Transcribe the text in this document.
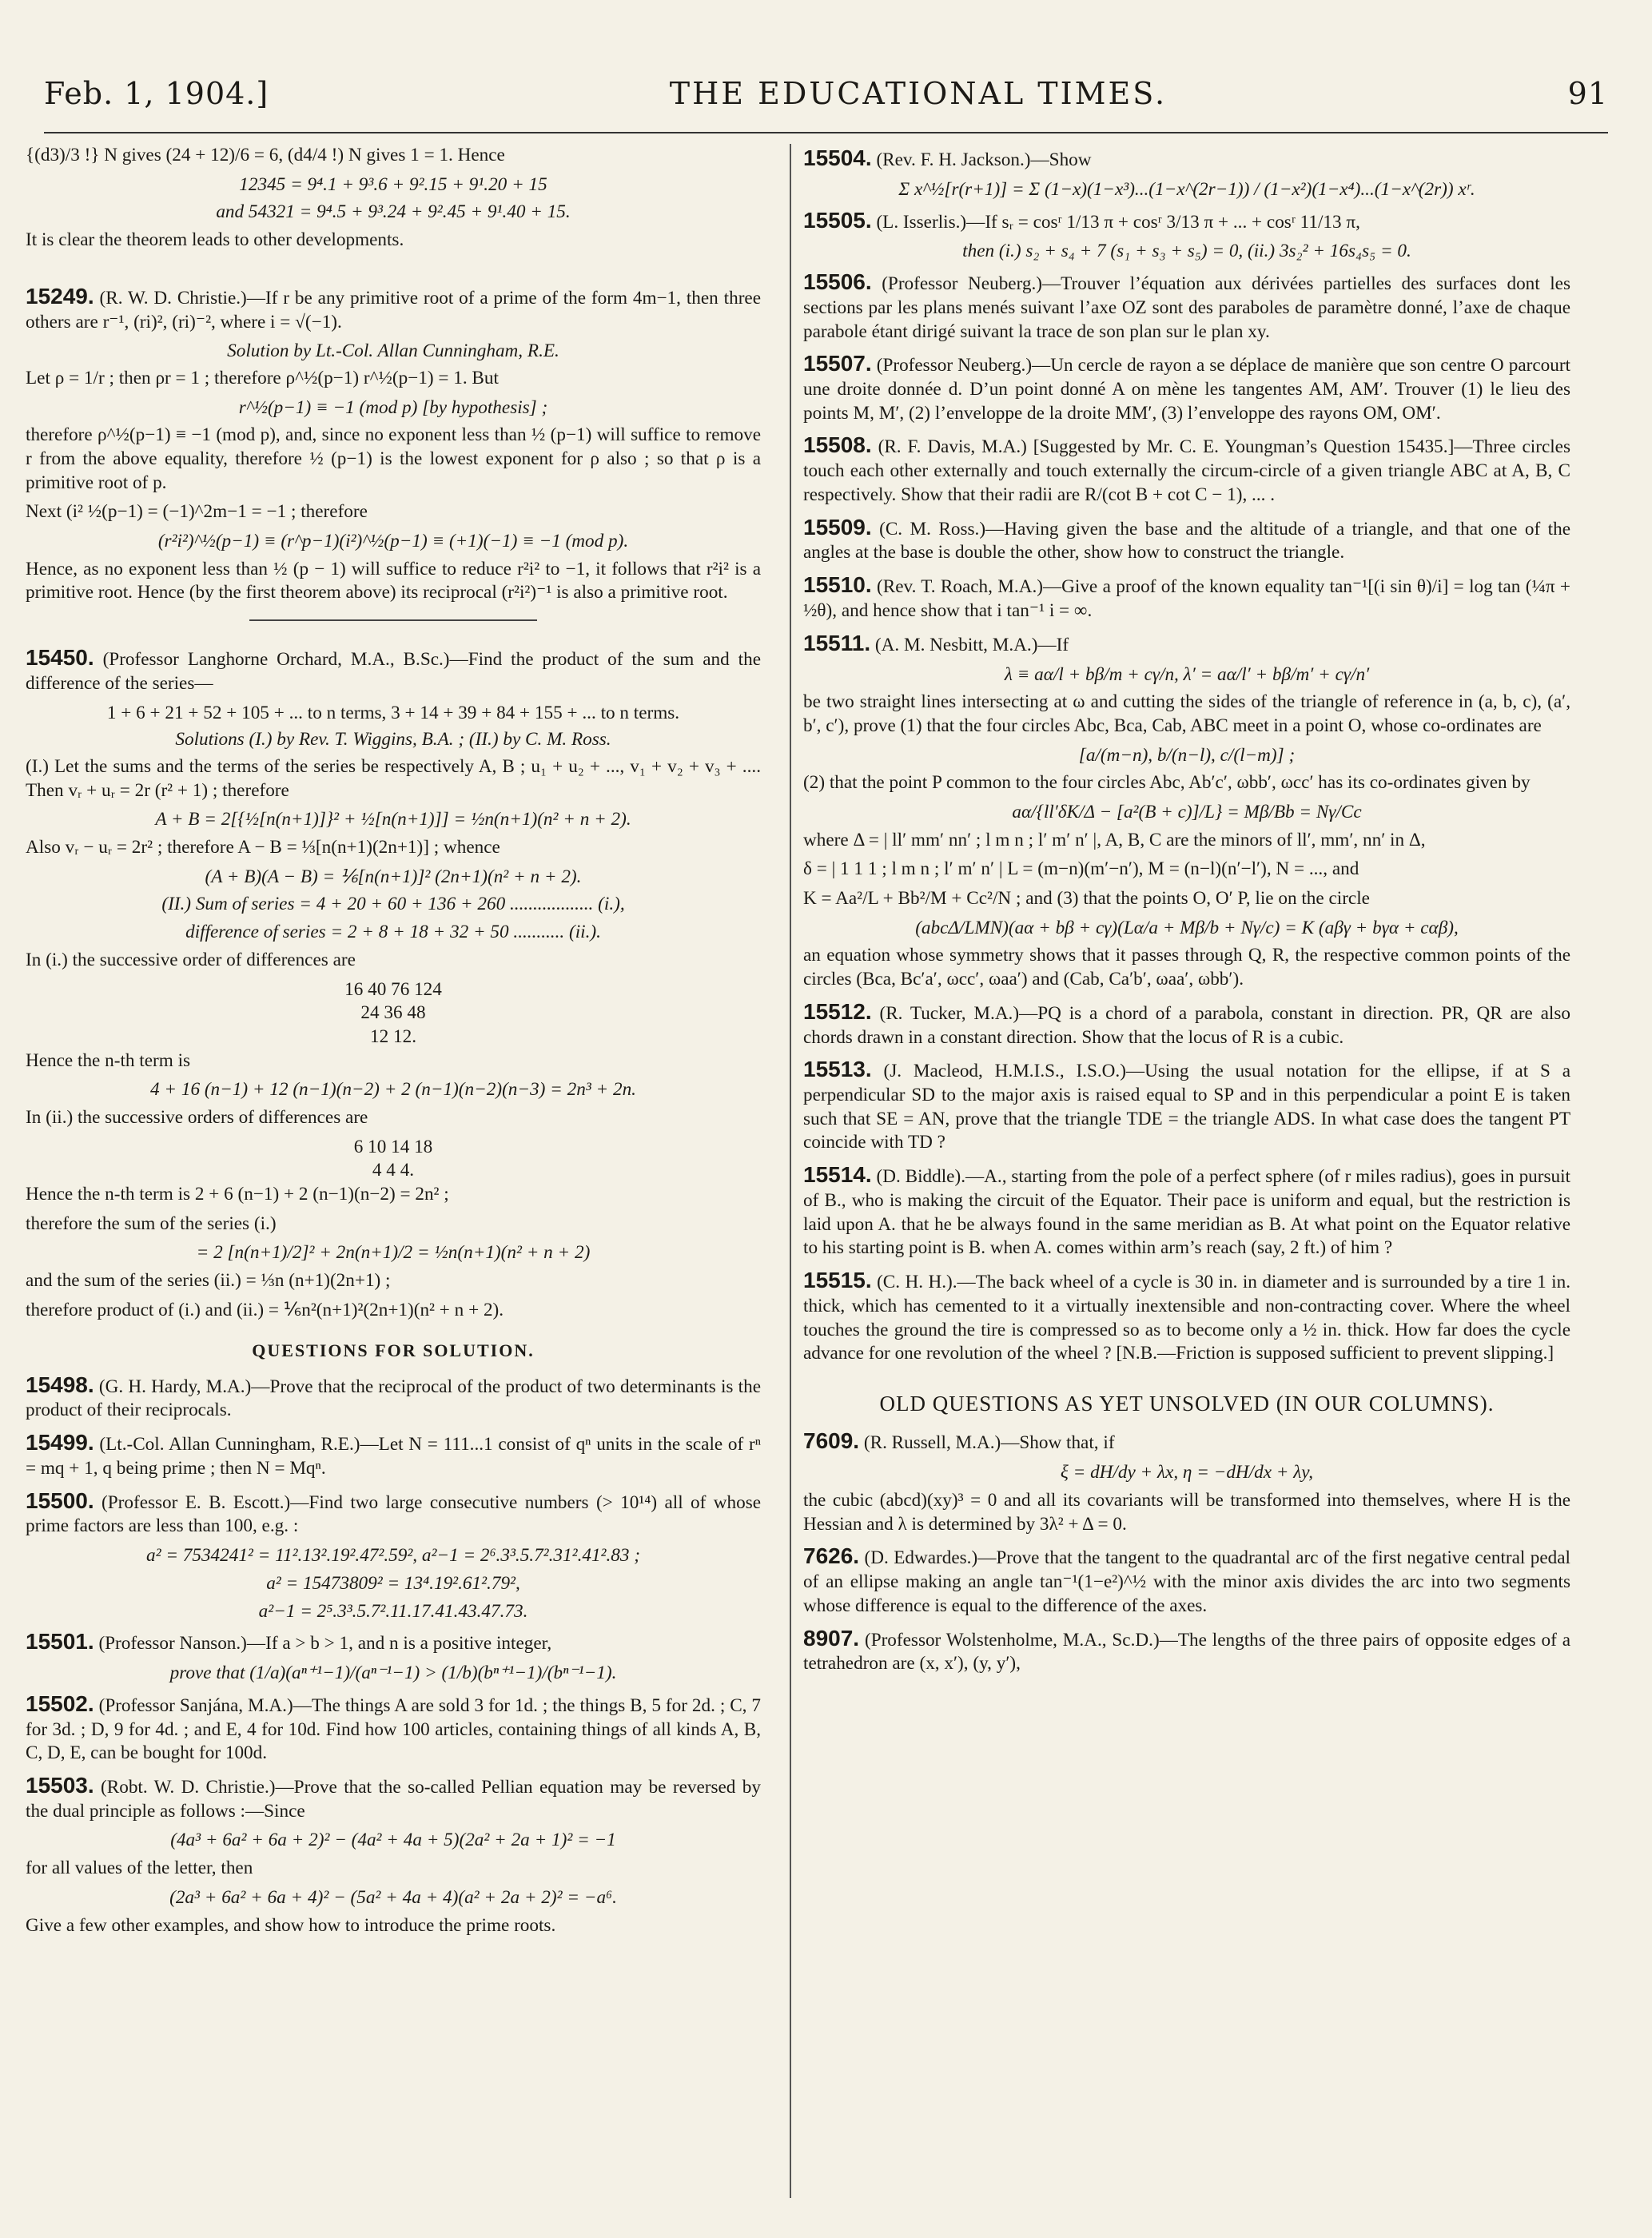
Feb. 1, 1904.]	THE EDUCATIONAL TIMES.	91

{(d3)/3 !} N gives (24 + 12)/6 = 6, (d4/4 !) N gives 1 = 1. Hence

12345 = 9⁴.1 + 9³.6 + 9².15 + 9¹.20 + 15
and 54321 = 9⁴.5 + 9³.24 + 9².45 + 9¹.40 + 15.

It is clear the theorem leads to other developments.

15249. (R. W. D. Christie.)—If r be any primitive root of a prime of the form 4m−1, then three others are r⁻¹, (ri)², (ri)⁻², where i = √(−1).

Solution by Lt.-Col. Allan Cunningham, R.E.

Let ρ = 1/r ; then ρr = 1 ; therefore ρ^½(p−1) r^½(p−1) = 1. But

r^½(p−1) ≡ −1 (mod p) [by hypothesis] ;

therefore ρ^½(p−1) ≡ −1 (mod p), and, since no exponent less than ½ (p−1) will suffice to remove r from the above equality, therefore ½ (p−1) is the lowest exponent for ρ also ; so that ρ is a primitive root of p.

Next (i² ½(p−1) = (−1)^2m−1 = −1 ; therefore

(r²i²)^½(p−1) ≡ (r^p−1)(i²)^½(p−1) ≡ (+1)(−1) ≡ −1 (mod p).

Hence, as no exponent less than ½ (p − 1) will suffice to reduce r²i² to −1, it follows that r²i² is a primitive root. Hence (by the first theorem above) its reciprocal (r²i²)⁻¹ is also a primitive root.

15450. (Professor Langhorne Orchard, M.A., B.Sc.)—Find the product of the sum and the difference of the series—

1 + 6 + 21 + 52 + 105 + ... to n terms, 3 + 14 + 39 + 84 + 155 + ... to n terms.
Solutions (I.) by Rev. T. Wiggins, B.A. ; (II.) by C. M. Ross.

(I.) Let the sums and the terms of the series be respectively A, B ; u₁ + u₂ + ..., v₁ + v₂ + v₃ + .... Then vᵣ + uᵣ = 2r (r² + 1) ; therefore

A + B = 2[{½[n(n+1)]}² + ½[n(n+1)]] = ½n(n+1)(n² + n + 2).

Also vᵣ − uᵣ = 2r² ; therefore A − B = ⅓[n(n+1)(2n+1)] ; whence

(A + B)(A − B) = ⅙[n(n+1)]² (2n+1)(n² + n + 2).
(II.) Sum of series = 4 + 20 + 60 + 136 + 260 .................. (i.),
difference of series = 2 + 8 + 18 + 32 + 50 ........... (ii.).

In (i.) the successive order of differences are

16 40 76 124
24 36 48
12 12.

Hence the n-th term is

4 + 16 (n−1) + 12 (n−1)(n−2) + 2 (n−1)(n−2)(n−3) = 2n³ + 2n.

In (ii.) the successive orders of differences are

6 10 14 18
4 4 4.

Hence the n-th term is 2 + 6 (n−1) + 2 (n−1)(n−2) = 2n² ;

therefore the sum of the series (i.)

= 2 [n(n+1)/2]² + 2n(n+1)/2 = ½n(n+1)(n² + n + 2)

and the sum of the series (ii.) = ⅓n (n+1)(2n+1) ;

therefore product of (i.) and (ii.) = ⅙n²(n+1)²(2n+1)(n² + n + 2).

QUESTIONS FOR SOLUTION.

15498. (G. H. Hardy, M.A.)—Prove that the reciprocal of the product of two determinants is the product of their reciprocals.

15499. (Lt.-Col. Allan Cunningham, R.E.)—Let N = 111...1 consist of qⁿ units in the scale of rⁿ = mq + 1, q being prime ; then N = Mqⁿ.

15500. (Professor E. B. Escott.)—Find two large consecutive numbers (> 10¹⁴) all of whose prime factors are less than 100, e.g. :

a² = 7534241² = 11².13².19².47².59², a²−1 = 2⁶.3³.5.7².31².41².83 ;
a² = 15473809² = 13⁴.19².61².79²,
a²−1 = 2⁵.3³.5.7².11.17.41.43.47.73.

15501. (Professor Nanson.)—If a > b > 1, and n is a positive integer,

prove that (1/a)(aⁿ⁺¹−1)/(aⁿ⁻¹−1) > (1/b)(bⁿ⁺¹−1)/(bⁿ⁻¹−1).

15502. (Professor Sanjána, M.A.)—The things A are sold 3 for 1d. ; the things B, 5 for 2d. ; C, 7 for 3d. ; D, 9 for 4d. ; and E, 4 for 10d. Find how 100 articles, containing things of all kinds A, B, C, D, E, can be bought for 100d.

15503. (Robt. W. D. Christie.)—Prove that the so-called Pellian equation may be reversed by the dual principle as follows :—Since

(4a³ + 6a² + 6a + 2)² − (4a² + 4a + 5)(2a² + 2a + 1)² = −1

for all values of the letter, then

(2a³ + 6a² + 6a + 4)² − (5a² + 4a + 4)(a² + 2a + 2)² = −a⁶.

Give a few other examples, and show how to introduce the prime roots.

15504. (Rev. F. H. Jackson.)—Show

Σ x^½[r(r+1)] = Σ (1−x)(1−x³)...(1−x^(2r−1)) / (1−x²)(1−x⁴)...(1−x^(2r)) xʳ.

15505. (L. Isserlis.)—If sᵣ = cosʳ 1/13 π + cosʳ 3/13 π + ... + cosʳ 11/13 π,

then (i.) s₂ + s₄ + 7 (s₁ + s₃ + s₅) = 0, (ii.) 3s₂² + 16s₄s₅ = 0.

15506. (Professor Neuberg.)—Trouver l’équation aux dérivées partielles des surfaces dont les sections par les plans menés suivant l’axe OZ sont des paraboles de paramètre donné, l’axe de chaque parabole étant dirigé suivant la trace de son plan sur le plan xy.

15507. (Professor Neuberg.)—Un cercle de rayon a se déplace de manière que son centre O parcourt une droite donnée d. D’un point donné A on mène les tangentes AM, AM′. Trouver (1) le lieu des points M, M′, (2) l’enveloppe de la droite MM′, (3) l’enveloppe des rayons OM, OM′.

15508. (R. F. Davis, M.A.) [Suggested by Mr. C. E. Youngman’s Question 15435.]—Three circles touch each other externally and touch externally the circum-circle of a given triangle ABC at A, B, C respectively. Show that their radii are R/(cot B + cot C − 1), ... .

15509. (C. M. Ross.)—Having given the base and the altitude of a triangle, and that one of the angles at the base is double the other, show how to construct the triangle.

15510. (Rev. T. Roach, M.A.)—Give a proof of the known equality tan⁻¹[(i sin θ)/i] = log tan (¼π + ½θ), and hence show that i tan⁻¹ i = ∞.

15511. (A. M. Nesbitt, M.A.)—If

λ ≡ aα/l + bβ/m + cγ/n, λ′ = aα/l′ + bβ/m′ + cγ/n′

be two straight lines intersecting at ω and cutting the sides of the triangle of reference in (a, b, c), (a′, b′, c′), prove (1) that the four circles Abc, Bca, Cab, ABC meet in a point O, whose co-ordinates are

[a/(m−n), b/(n−l), c/(l−m)] ;

(2) that the point P common to the four circles Abc, Ab′c′, ωbb′, ωcc′ has its co-ordinates given by

aα/{ll′δK/Δ − [a²(B + c)]/L} = Mβ/Bb = Nγ/Cc

where Δ = | ll′ mm′ nn′ ; l m n ; l′ m′ n′ |, A, B, C are the minors of ll′, mm′, nn′ in Δ,

δ = | 1 1 1 ; l m n ; l′ m′ n′ | L = (m−n)(m′−n′), M = (n−l)(n′−l′), N = ..., and

K = Aa²/L + Bb²/M + Cc²/N ; and (3) that the points O, O′ P, lie on the circle

(abcΔ/LMN)(aα + bβ + cγ)(Lα/a + Mβ/b + Nγ/c) = K (aβγ + bγα + cαβ),

an equation whose symmetry shows that it passes through Q, R, the respective common points of the circles (Bca, Bc′a′, ωcc′, ωaa′) and (Cab, Ca′b′, ωaa′, ωbb′).

15512. (R. Tucker, M.A.)—PQ is a chord of a parabola, constant in direction. PR, QR are also chords drawn in a constant direction. Show that the locus of R is a cubic.

15513. (J. Macleod, H.M.I.S., I.S.O.)—Using the usual notation for the ellipse, if at S a perpendicular SD to the major axis is raised equal to SP and in this perpendicular a point E is taken such that SE = AN, prove that the triangle TDE = the triangle ADS. In what case does the tangent PT coincide with TD ?

15514. (D. Biddle).—A., starting from the pole of a perfect sphere (of r miles radius), goes in pursuit of B., who is making the circuit of the Equator. Their pace is uniform and equal, but the restriction is laid upon A. that he be always found in the same meridian as B. At what point on the Equator relative to his starting point is B. when A. comes within arm’s reach (say, 2 ft.) of him ?

15515. (C. H. H.).—The back wheel of a cycle is 30 in. in diameter and is surrounded by a tire 1 in. thick, which has cemented to it a virtually inextensible and non-contracting cover. Where the wheel touches the ground the tire is compressed so as to become only a ½ in. thick. How far does the cycle advance for one revolution of the wheel ? [N.B.—Friction is supposed sufficient to prevent slipping.]

OLD QUESTIONS AS YET UNSOLVED (IN OUR COLUMNS).

7609. (R. Russell, M.A.)—Show that, if

ξ = dH/dy + λx, η = −dH/dx + λy,

the cubic (abcd)(xy)³ = 0 and all its covariants will be transformed into themselves, where H is the Hessian and λ is determined by 3λ² + Δ = 0.

7626. (D. Edwardes.)—Prove that the tangent to the quadrantal arc of the first negative central pedal of an ellipse making an angle tan⁻¹(1−e²)^½ with the minor axis divides the arc into two segments whose difference is equal to the difference of the axes.

8907. (Professor Wolstenholme, M.A., Sc.D.)—The lengths of the three pairs of opposite edges of a tetrahedron are (x, x′), (y, y′),
